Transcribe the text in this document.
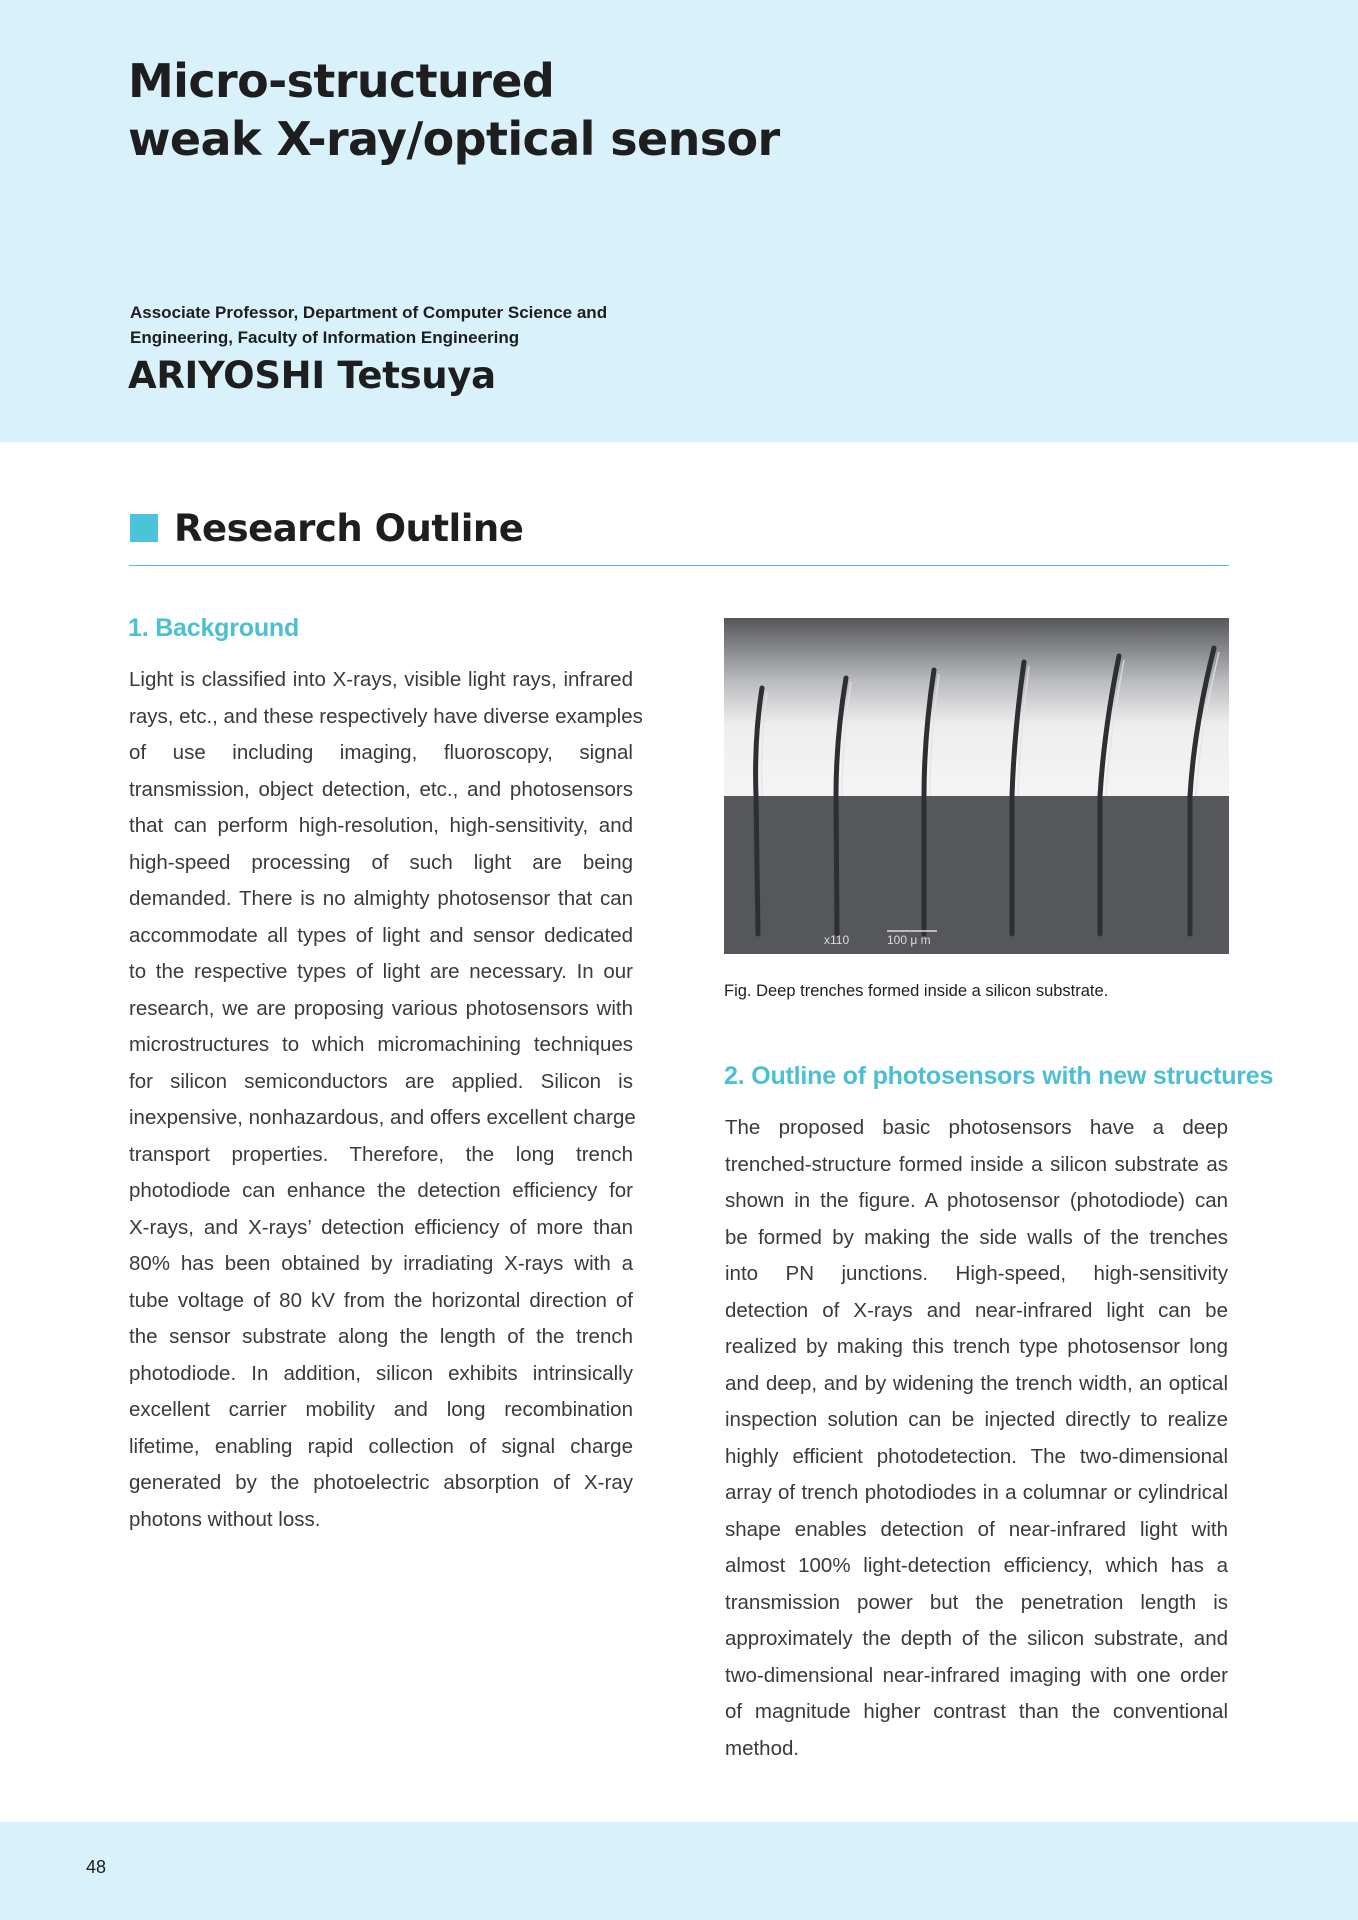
Micro-structured
weak X-ray/optical sensor
Associate Professor, Department of Computer Science and
Engineering, Faculty of Information Engineering
ARIYOSHI Tetsuya
Research Outline
1. Background
Light is classified into X-rays, visible light rays, infrared
rays, etc., and these respectively have diverse examples
of use including imaging, fluoroscopy, signal
transmission, object detection, etc., and photosensors
that can perform high-resolution, high-sensitivity, and
high-speed processing of such light are being
demanded. There is no almighty photosensor that can
accommodate all types of light and sensor dedicated
to the respective types of light are necessary. In our
research, we are proposing various photosensors with
microstructures to which micromachining techniques
for silicon semiconductors are applied. Silicon is
inexpensive, nonhazardous, and offers excellent charge
transport properties. Therefore, the long trench
photodiode can enhance the detection efficiency for
X-rays, and X-rays’ detection efficiency of more than
80% has been obtained by irradiating X-rays with a
tube voltage of 80 kV from the horizontal direction of
the sensor substrate along the length of the trench
photodiode. In addition, silicon exhibits intrinsically
excellent carrier mobility and long recombination
lifetime, enabling rapid collection of signal charge
generated by the photoelectric absorption of X-ray
photons without loss.
x110	100 μ m
Fig. Deep trenches formed inside a silicon substrate.
2. Outline of photosensors with new structures
The proposed basic photosensors have a deep
trenched-structure formed inside a silicon substrate as
shown in the figure. A photosensor (photodiode) can
be formed by making the side walls of the trenches
into PN junctions. High-speed, high-sensitivity
detection of X-rays and near-infrared light can be
realized by making this trench type photosensor long
and deep, and by widening the trench width, an optical
inspection solution can be injected directly to realize
highly efficient photodetection. The two-dimensional
array of trench photodiodes in a columnar or cylindrical
shape enables detection of near-infrared light with
almost 100% light-detection efficiency, which has a
transmission power but the penetration length is
approximately the depth of the silicon substrate, and
two-dimensional near-infrared imaging with one order
of magnitude higher contrast than the conventional
method.
48
